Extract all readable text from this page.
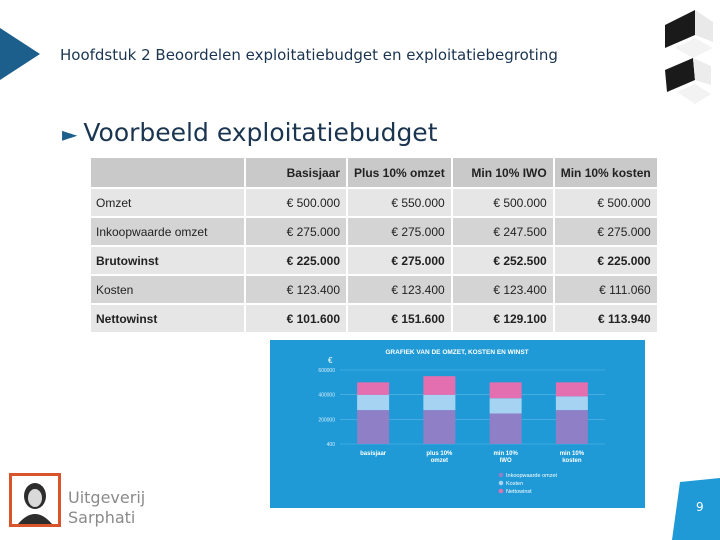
Hoofdstuk 2 Beoordelen exploitatiebudget en exploitatiebegroting
► Voorbeeld exploitatiebudget
	Basisjaar	Plus 10% omzet	Min 10% IWO	Min 10% kosten
Omzet	€ 500.000	€ 550.000	€ 500.000	€ 500.000
Inkoopwaarde omzet	€ 275.000	€ 275.000	€ 247.500	€ 275.000
Brutowinst	€ 225.000	€ 275.000	€ 252.500	€ 225.000
Kosten	€ 123.400	€ 123.400	€ 123.400	€ 111.060
Nettowinst	€ 101.600	€ 151.600	€ 129.100	€ 113.940
GRAFIEK VAN DE OMZET, KOSTEN EN WINST
€
600000
400000
200000
400
basisjaar	plus 10%
omzet
min 10%
IWO
min 10%
kosten
Inkoopwaarde omzet
Kosten
Nettowinst
Uitgeverij
Sarphati
9
